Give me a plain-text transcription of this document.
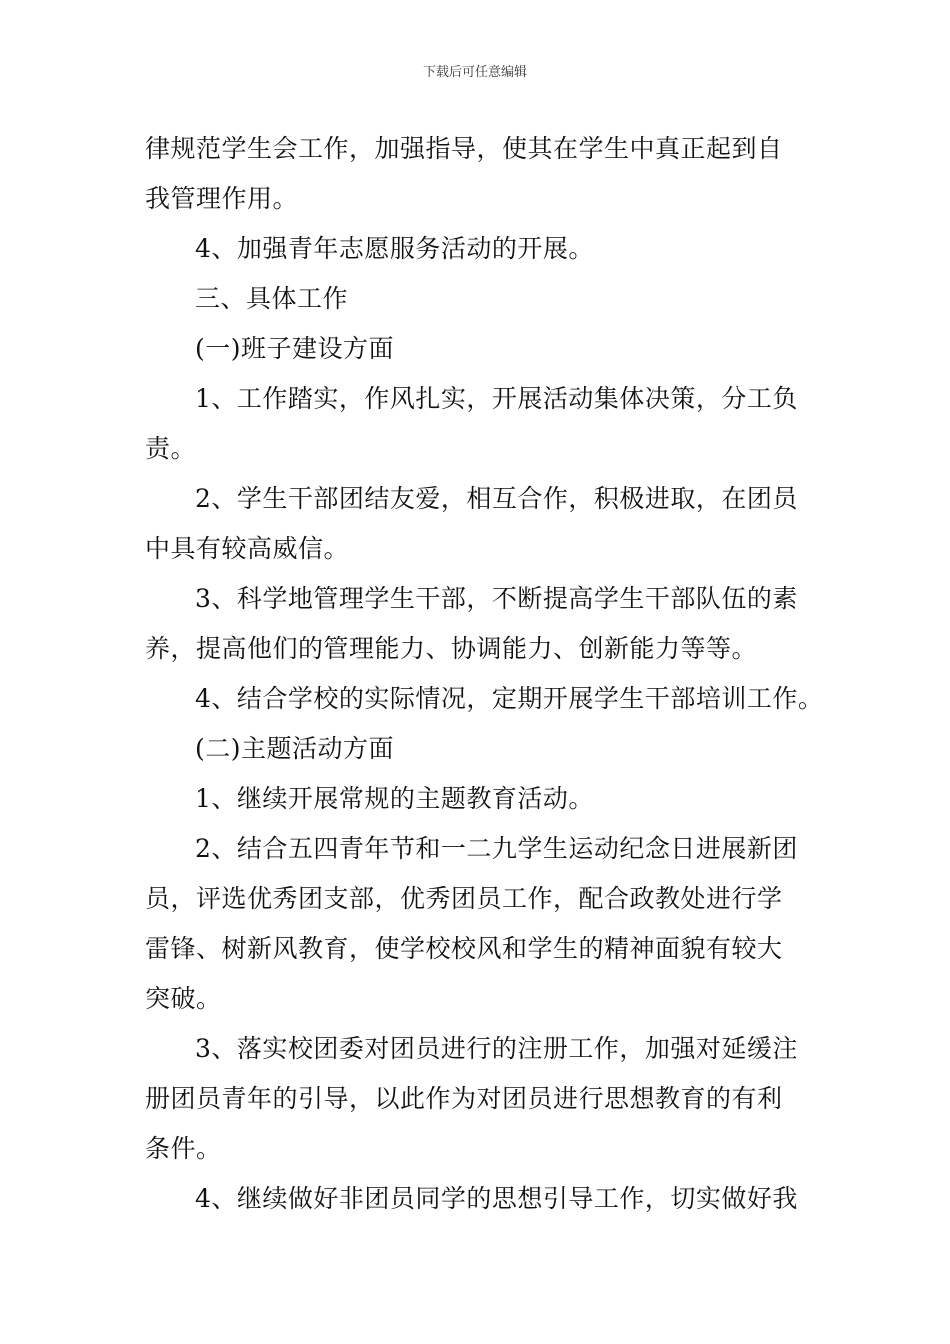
下载后可任意编辑
律规范学生会工作，加强指导，使其在学生中真正起到自
我管理作用。
4、加强青年志愿服务活动的开展。
三、具体工作
(一)班子建设方面
1、工作踏实，作风扎实，开展活动集体决策，分工负
责。
2、学生干部团结友爱，相互合作，积极进取，在团员
中具有较高威信。
3、科学地管理学生干部，不断提高学生干部队伍的素
养，提高他们的管理能力、协调能力、创新能力等等。
4、结合学校的实际情况，定期开展学生干部培训工作。
(二)主题活动方面
1、继续开展常规的主题教育活动。
2、结合五四青年节和一二九学生运动纪念日进展新团
员，评选优秀团支部，优秀团员工作，配合政教处进行学
雷锋、树新风教育，使学校校风和学生的精神面貌有较大
突破。
3、落实校团委对团员进行的注册工作，加强对延缓注
册团员青年的引导，以此作为对团员进行思想教育的有利
条件。
4、继续做好非团员同学的思想引导工作，切实做好我
